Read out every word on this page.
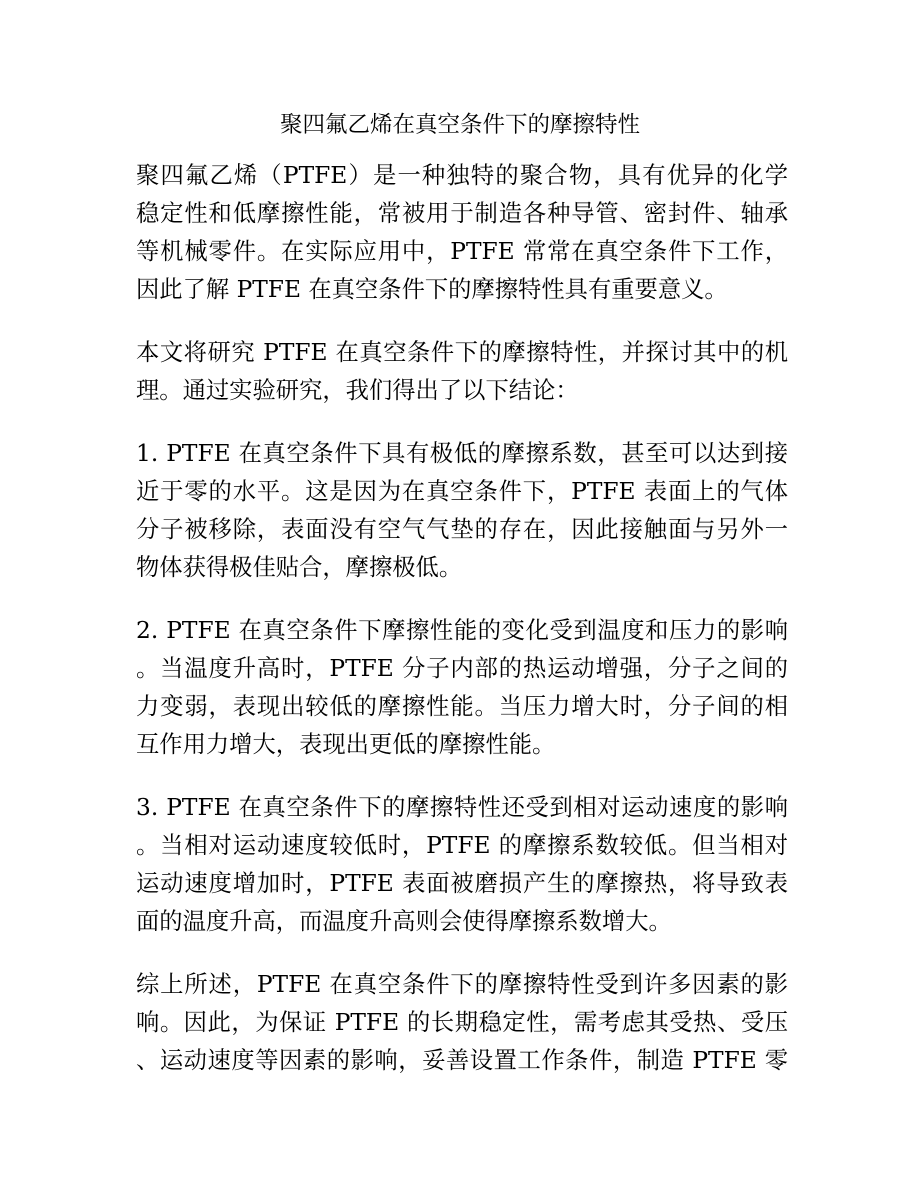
聚四氟乙烯在真空条件下的摩擦特性
聚四氟乙烯（PTFE）是一种独特的聚合物，具有优异的化学
稳定性和低摩擦性能，常被用于制造各种导管、密封件、轴承
等机械零件。在实际应用中，PTFE 常常在真空条件下工作，
因此了解 PTFE 在真空条件下的摩擦特性具有重要意义。
本文将研究 PTFE 在真空条件下的摩擦特性，并探讨其中的机
理。通过实验研究，我们得出了以下结论：
1. PTFE 在真空条件下具有极低的摩擦系数，甚至可以达到接
近于零的水平。这是因为在真空条件下，PTFE 表面上的气体
分子被移除，表面没有空气气垫的存在，因此接触面与另外一
物体获得极佳贴合，摩擦极低。
2. PTFE 在真空条件下摩擦性能的变化受到温度和压力的影响
。当温度升高时，PTFE 分子内部的热运动增强，分子之间的
力变弱，表现出较低的摩擦性能。当压力增大时，分子间的相
互作用力增大，表现出更低的摩擦性能。
3. PTFE 在真空条件下的摩擦特性还受到相对运动速度的影响
。当相对运动速度较低时，PTFE 的摩擦系数较低。但当相对
运动速度增加时，PTFE 表面被磨损产生的摩擦热，将导致表
面的温度升高，而温度升高则会使得摩擦系数增大。
综上所述，PTFE 在真空条件下的摩擦特性受到许多因素的影
响。因此，为保证 PTFE 的长期稳定性，需考虑其受热、受压
、运动速度等因素的影响，妥善设置工作条件，制造 PTFE 零
